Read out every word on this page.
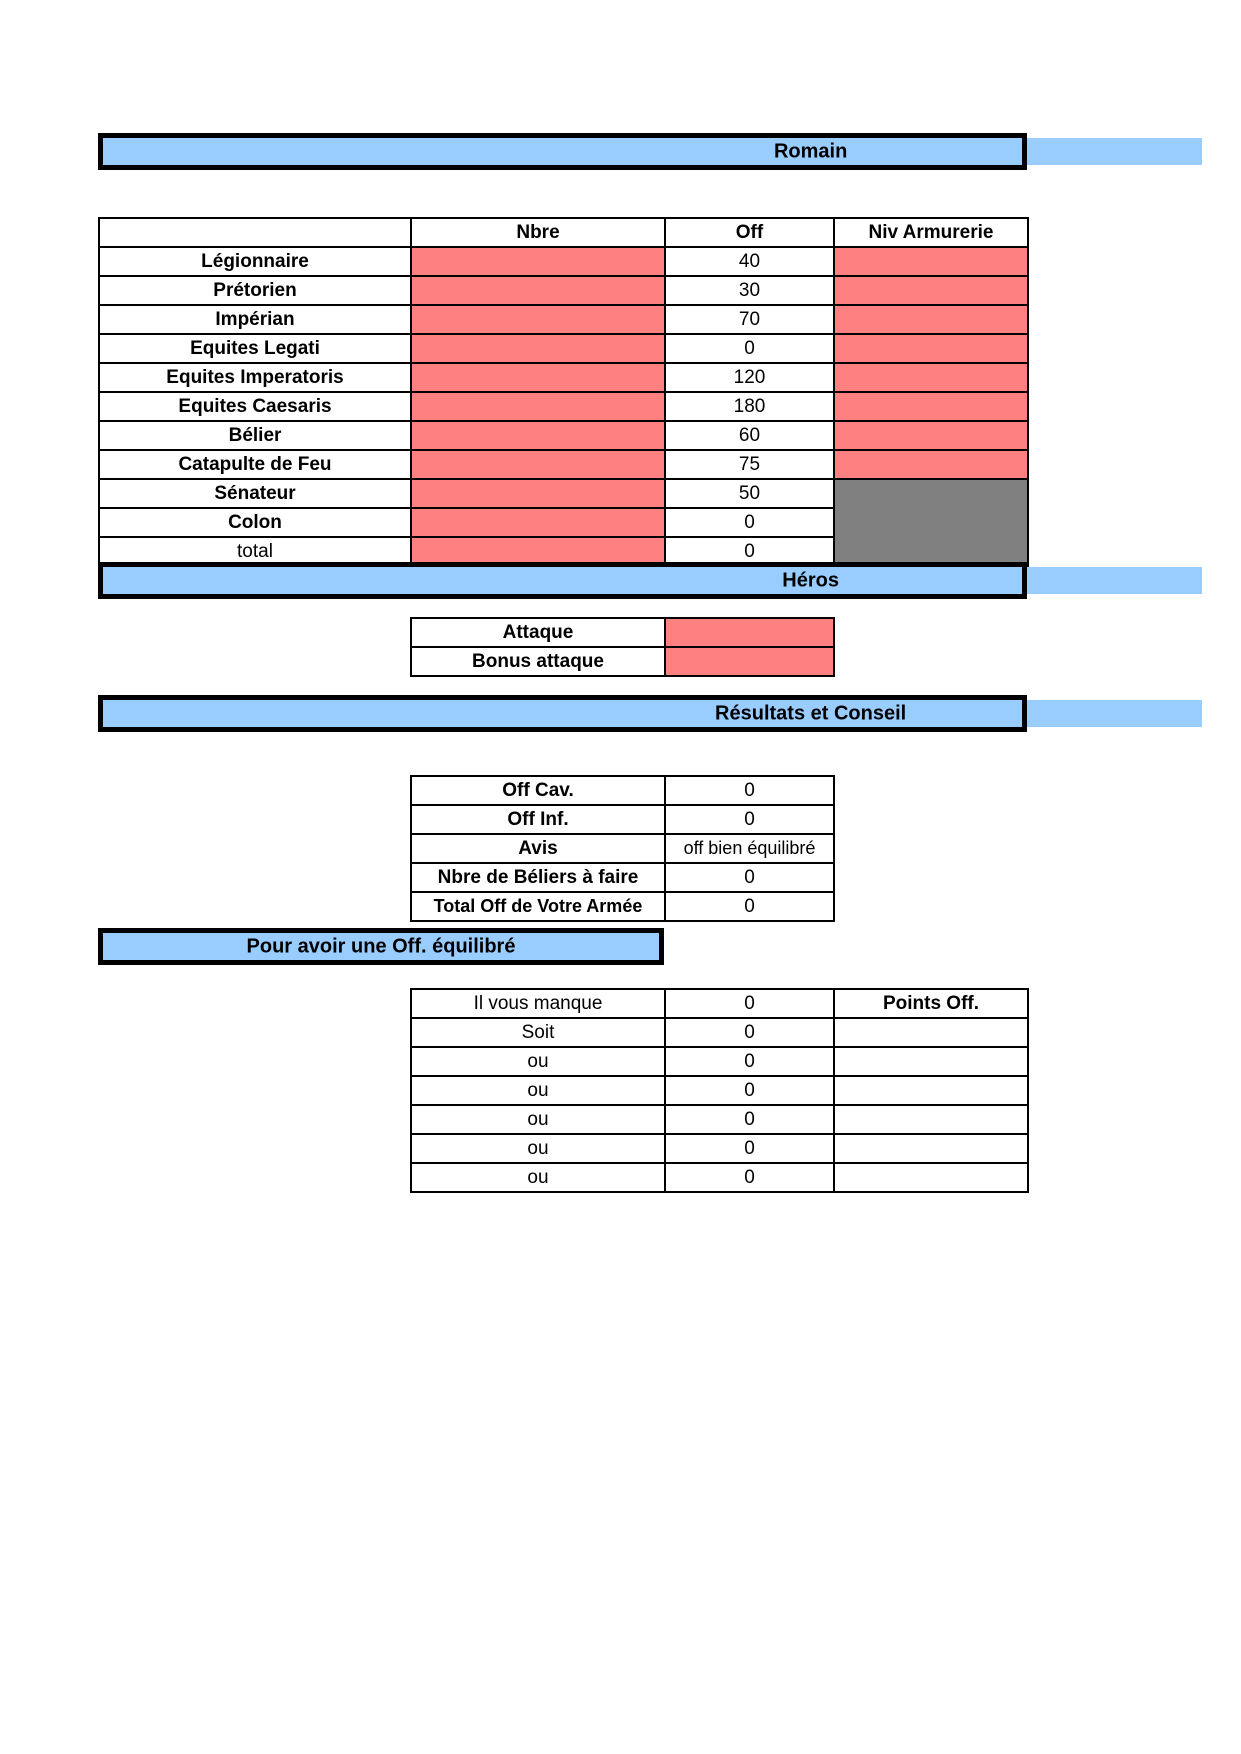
Romain
	Nbre	Off	Niv Armurerie
Légionnaire		40	
Prétorien		30	
Impérian		70	
Equites Legati		0	
Equites Imperatoris		120	
Equites Caesaris		180	
Bélier		60	
Catapulte de Feu		75	
Sénateur		50	
Colon		0	
total		0	
Héros
Attaque	
Bonus attaque	
Résultats et Conseil
Off Cav.	0
Off Inf.	0
Avis	off bien équilibré
Nbre de Béliers à faire	0
Total Off de Votre Armée	0
Pour avoir une Off. équilibré
Il vous manque	0	Points Off.
Soit	0	
ou	0	
ou	0	
ou	0	
ou	0	
ou	0	
